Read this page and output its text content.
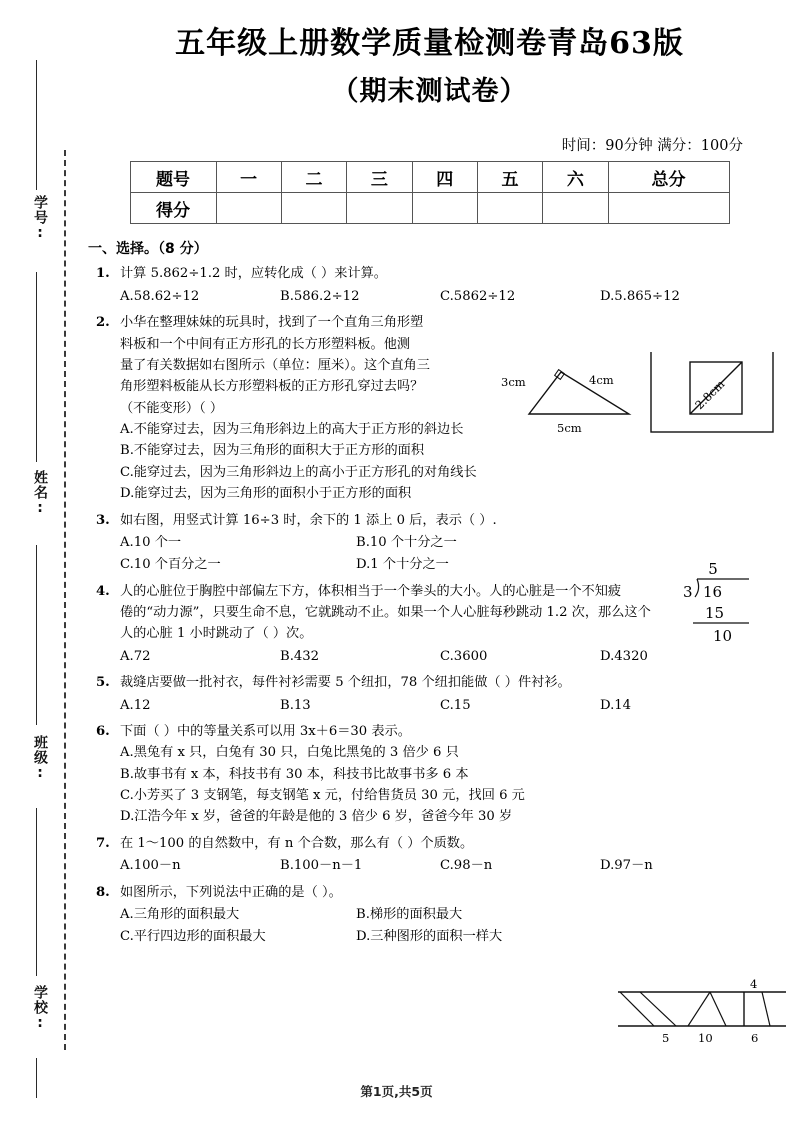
学号:
姓名:
班级:
学校:
五年级上册数学质量检测卷青岛63版
（期末测试卷）
时间：90分钟 满分：100分
题号	一	二	三	四	五	六	总分
得分							
一、选择。（8 分）
1. 计算 5.862÷1.2 时，应转化成（ ）来计算。
A.58.62÷12	B.586.2÷12	C.5862÷12	D.5.865÷12
2. 小华在整理妹妹的玩具时，找到了一个直角三角形塑
料板和一个中间有正方形孔的长方形塑料板。他测
量了有关数据如右图所示（单位：厘米）。这个直角三
角形塑料板能从长方形塑料板的正方形孔穿过去吗？
（不能变形）（ ）
A.不能穿过去，因为三角形斜边上的高大于正方形的斜边长
B.不能穿过去，因为三角形的面积大于正方形的面积
C.能穿过去，因为三角形斜边上的高小于正方形孔的对角线长
D.能穿过去，因为三角形的面积小于正方形的面积
3. 如右图，用竖式计算 16÷3 时，余下的 1 添上 0 后，表示（ ）.
A.10 个一	B.10 个十分之一
C.10 个百分之一	D.1 个十分之一
4. 人的心脏位于胸腔中部偏左下方，体积相当于一个拳头的大小。人的心脏是一个不知疲
倦的“动力源”，只要生命不息，它就跳动不止。如果一个人心脏每秒跳动 1.2 次，那么这个
人的心脏 1 小时跳动了（ ）次。
A.72	B.432	C.3600	D.4320
5. 裁缝店要做一批衬衣，每件衬衫需要 5 个纽扣，78 个纽扣能做（ ）件衬衫。
A.12	B.13	C.15	D.14
6. 下面（ ）中的等量关系可以用 3x＋6＝30 表示。
A.黑兔有 x 只，白兔有 30 只，白兔比黑兔的 3 倍少 6 只
B.故事书有 x 本，科技书有 30 本，科技书比故事书多 6 本
C.小芳买了 3 支钢笔，每支钢笔 x 元，付给售货员 30 元，找回 6 元
D.江浩今年 x 岁，爸爸的年龄是他的 3 倍少 6 岁，爸爸今年 30 岁
7. 在 1～100 的自然数中，有 n 个合数，那么有（ ）个质数。
A.100－n	B.100－n－1	C.98－n	D.97－n
8. 如图所示，下列说法中正确的是（ ）。
A.三角形的面积最大	B.梯形的面积最大
C.平行四边形的面积最大	D.三种图形的面积一样大
3cm	4cm
5cm
2.8cm
5
3 16
15
10
4
5 10	6
第1页,共5页
